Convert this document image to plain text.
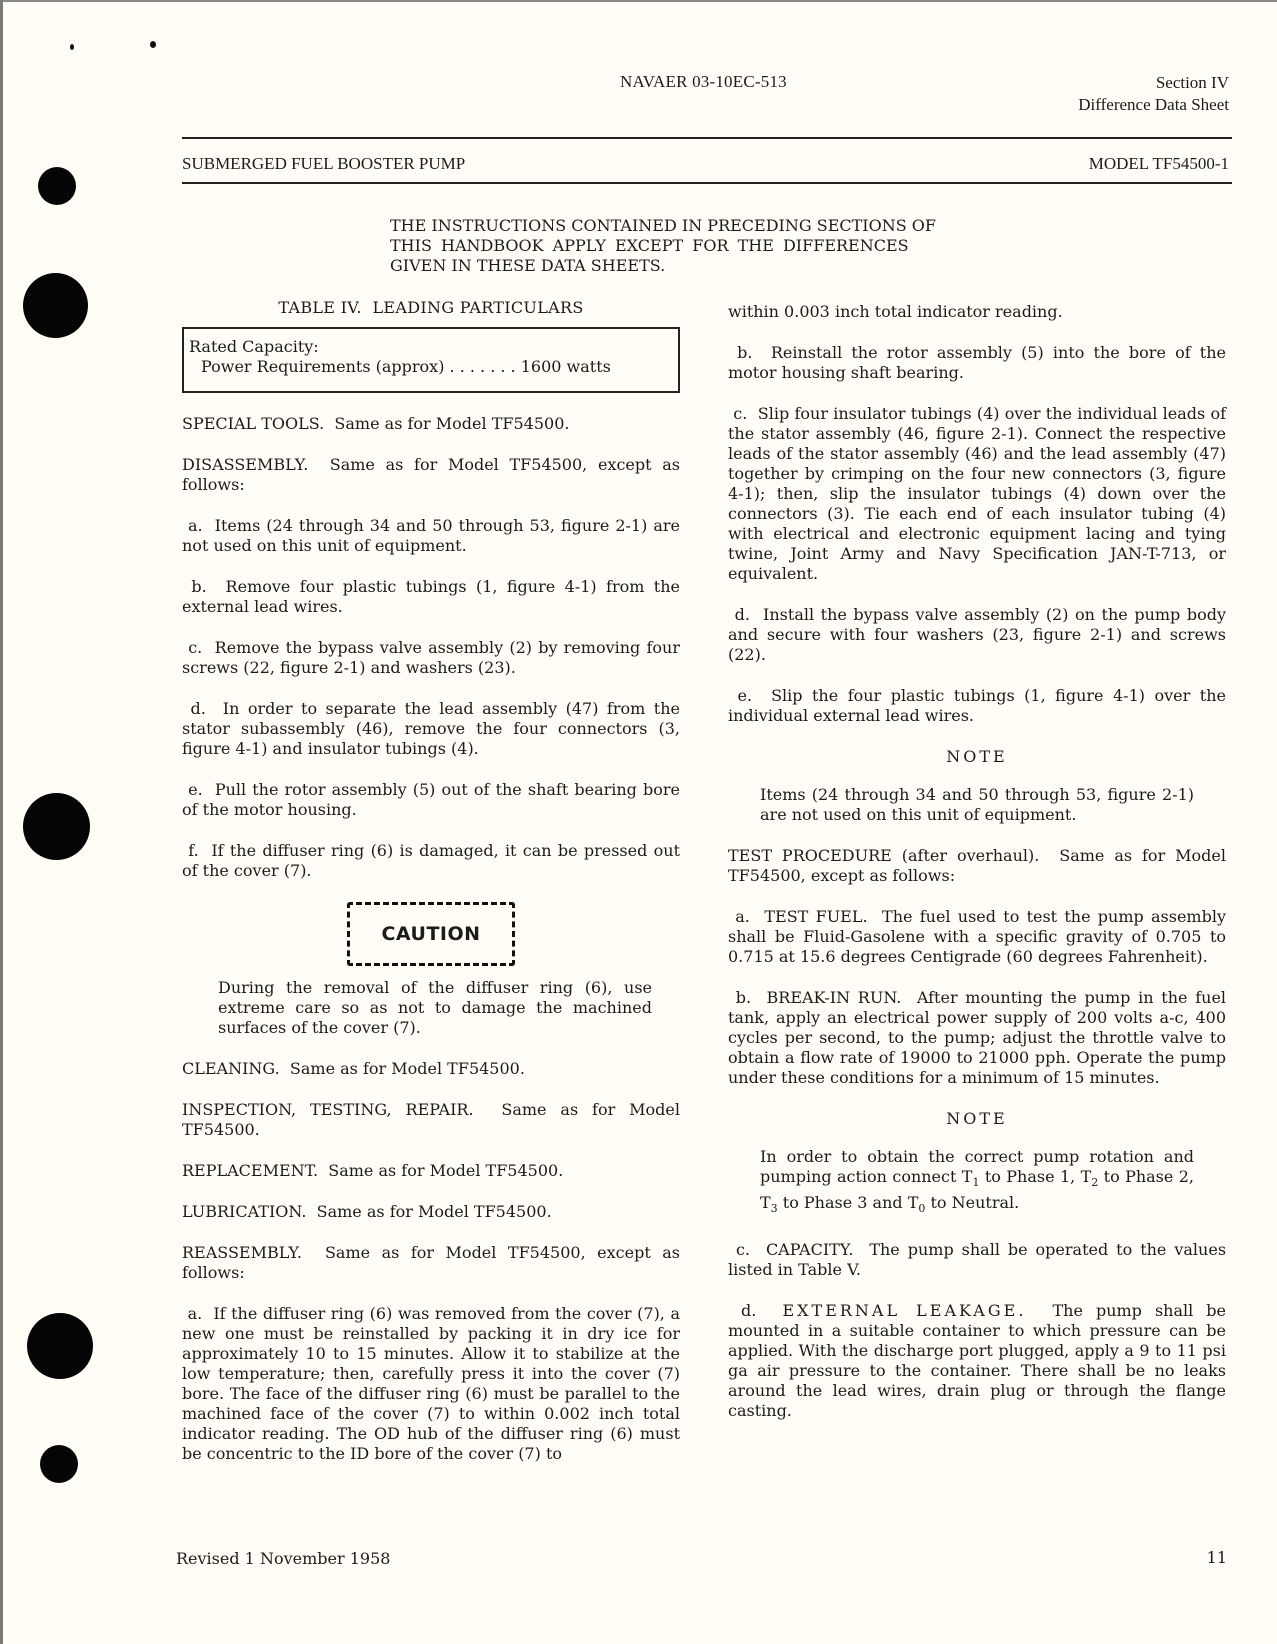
NAVAER 03-10EC-513	Section IV
Difference Data Sheet
SUBMERGED FUEL BOOSTER PUMP	MODEL TF54500-1
THE INSTRUCTIONS CONTAINED IN PRECEDING SECTIONS OF
THIS HANDBOOK APPLY EXCEPT FOR THE DIFFERENCES
GIVEN IN THESE DATA SHEETS.
TABLE IV.  LEADING PARTICULARS
Rated Capacity:
Power Requirements (approx) . . . . . . . 1600 watts

SPECIAL TOOLS. Same as for Model TF54500.

DISASSEMBLY. Same as for Model TF54500, except as follows:

a. Items (24 through 34 and 50 through 53, figure 2-1) are not used on this unit of equipment.

b. Remove four plastic tubings (1, figure 4-1) from the external lead wires.

c. Remove the bypass valve assembly (2) by removing four screws (22, figure 2-1) and washers (23).

d. In order to separate the lead assembly (47) from the stator subassembly (46), remove the four connectors (3, figure 4-1) and insulator tubings (4).

e. Pull the rotor assembly (5) out of the shaft bearing bore of the motor housing.

f. If the diffuser ring (6) is damaged, it can be pressed out of the cover (7).

CAUTION

During the removal of the diffuser ring (6), use extreme care so as not to damage the machined surfaces of the cover (7).

CLEANING. Same as for Model TF54500.

INSPECTION, TESTING, REPAIR. Same as for Model TF54500.

REPLACEMENT. Same as for Model TF54500.

LUBRICATION. Same as for Model TF54500.

REASSEMBLY. Same as for Model TF54500, except as follows:

a. If the diffuser ring (6) was removed from the cover (7), a new one must be reinstalled by packing it in dry ice for approximately 10 to 15 minutes. Allow it to stabilize at the low temperature; then, carefully press it into the cover (7) bore. The face of the diffuser ring (6) must be parallel to the machined face of the cover (7) to within 0.002 inch total indicator reading. The OD hub of the diffuser ring (6) must be concentric to the ID bore of the cover (7) to

within 0.003 inch total indicator reading.

b. Reinstall the rotor assembly (5) into the bore of the motor housing shaft bearing.

c. Slip four insulator tubings (4) over the individual leads of the stator assembly (46, figure 2-1). Connect the respective leads of the stator assembly (46) and the lead assembly (47) together by crimping on the four new connectors (3, figure 4-1); then, slip the insulator tubings (4) down over the connectors (3). Tie each end of each insulator tubing (4) with electrical and electronic equipment lacing and tying twine, Joint Army and Navy Specification JAN-T-713, or equivalent.

d. Install the bypass valve assembly (2) on the pump body and secure with four washers (23, figure 2-1) and screws (22).

e. Slip the four plastic tubings (1, figure 4-1) over the individual external lead wires.

NOTE

Items (24 through 34 and 50 through 53, figure 2-1) are not used on this unit of equipment.

TEST PROCEDURE (after overhaul). Same as for Model TF54500, except as follows:

a. TEST FUEL. The fuel used to test the pump assembly shall be Fluid-Gasolene with a specific gravity of 0.705 to 0.715 at 15.6 degrees Centigrade (60 degrees Fahrenheit).

b. BREAK-IN RUN. After mounting the pump in the fuel tank, apply an electrical power supply of 200 volts a-c, 400 cycles per second, to the pump; adjust the throttle valve to obtain a flow rate of 19000 to 21000 pph. Operate the pump under these conditions for a minimum of 15 minutes.

NOTE

In order to obtain the correct pump rotation and pumping action connect $T_1$ to Phase 1, $T_2$ to Phase 2, $T_3$ to Phase 3 and $T_0$ to Neutral.

c. CAPACITY. The pump shall be operated to the values listed in Table V.

d. EXTERNAL LEAKAGE. The pump shall be mounted in a suitable container to which pressure can be applied. With the discharge port plugged, apply a 9 to 11 psi ga air pressure to the container. There shall be no leaks around the lead wires, drain plug or through the flange casting.

Revised 1 November 1958	11
